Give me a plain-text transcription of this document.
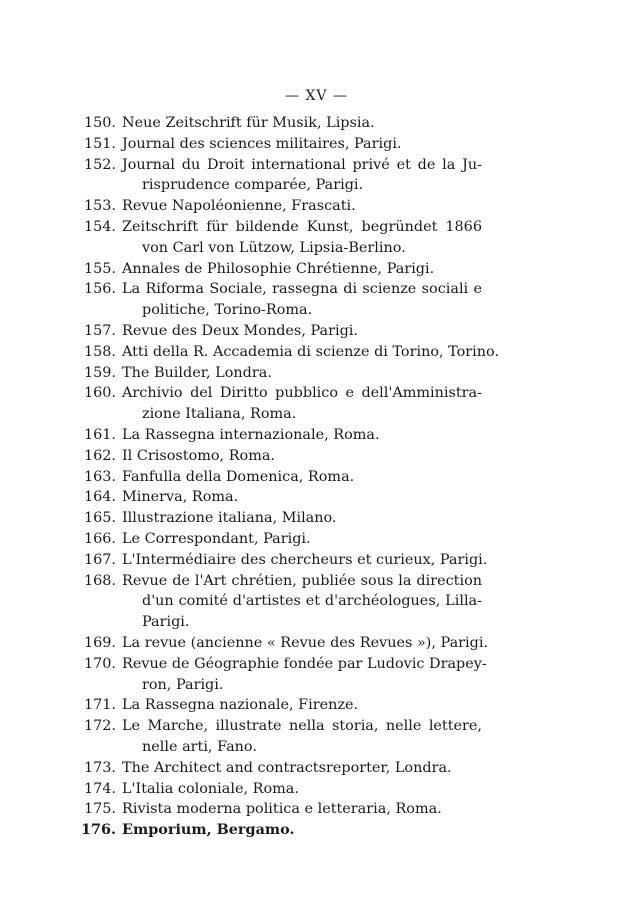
— XV —
150. Neue Zeitschrift für Musik, Lipsia.
151. Journal des sciences militaires, Parigi.
152. Journal du Droit international privé et de la Ju-
risprudence comparée, Parigi.
153. Revue Napoléonienne, Frascati.
154. Zeitschrift für bildende Kunst, begründet 1866
von Carl von Lützow, Lipsia-Berlino.
155. Annales de Philosophie Chrétienne, Parigi.
156. La Riforma Sociale, rassegna di scienze sociali e
politiche, Torino-Roma.
157. Revue des Deux Mondes, Parigi.
158. Atti della R. Accademia di scienze di Torino, Torino.
159. The Builder, Londra.
160. Archivio del Diritto pubblico e dell'Amministra-
zione Italiana, Roma.
161. La Rassegna internazionale, Roma.
162. Il Crisostomo, Roma.
163. Fanfulla della Domenica, Roma.
164. Minerva, Roma.
165. Illustrazione italiana, Milano.
166. Le Correspondant, Parigi.
167. L'Intermédiaire des chercheurs et curieux, Parigi.
168. Revue de l'Art chrétien, publiée sous la direction
d'un comité d'artistes et d'archéologues, Lilla-
Parigi.
169. La revue (ancienne « Revue des Revues »), Parigi.
170. Revue de Géographie fondée par Ludovic Drapey-
ron, Parigi.
171. La Rassegna nazionale, Firenze.
172. Le Marche, illustrate nella storia, nelle lettere,
nelle arti, Fano.
173. The Architect and contractsreporter, Londra.
174. L'Italia coloniale, Roma.
175. Rivista moderna politica e letteraria, Roma.
176. Emporium, Bergamo.
